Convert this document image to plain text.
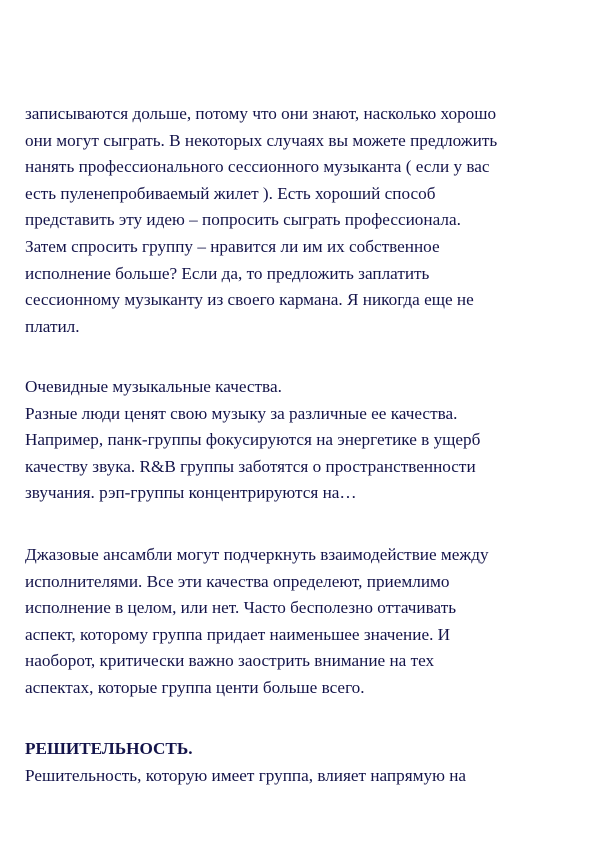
записываются дольше, потому что они знают, насколько хорошо
они могут сыграть. В некоторых случаях вы можете предложить
нанять профессионального сессионного музыканта ( если у вас
есть пуленепробиваемый жилет ). Есть хороший способ
представить эту идею – попросить сыграть профессионала.
Затем спросить группу – нравится ли им их собственное
исполнение больше? Если да, то предложить заплатить
сессионному музыканту из своего кармана. Я никогда еще не
платил.
Очевидные музыкальные качества.
Разные люди ценят свою музыку за различные ее качества.
Например, панк-группы фокусируются на энергетике в ущерб
качеству звука. R&B группы заботятся о пространственности
звучания. рэп-группы концентрируются на…
Джазовые ансамбли могут подчеркнуть взаимодействие между
исполнителями. Все эти качества определеют, приемлимо
исполнение в целом, или нет. Часто бесполезно оттачивать
аспект, которому группа придает наименьшее значение. И
наоборот, критически важно заострить внимание на тех
аспектах, которые группа центи больше всего.
РЕШИТЕЛЬНОСТЬ.
Решительность, которую имеет группа, влияет напрямую на
